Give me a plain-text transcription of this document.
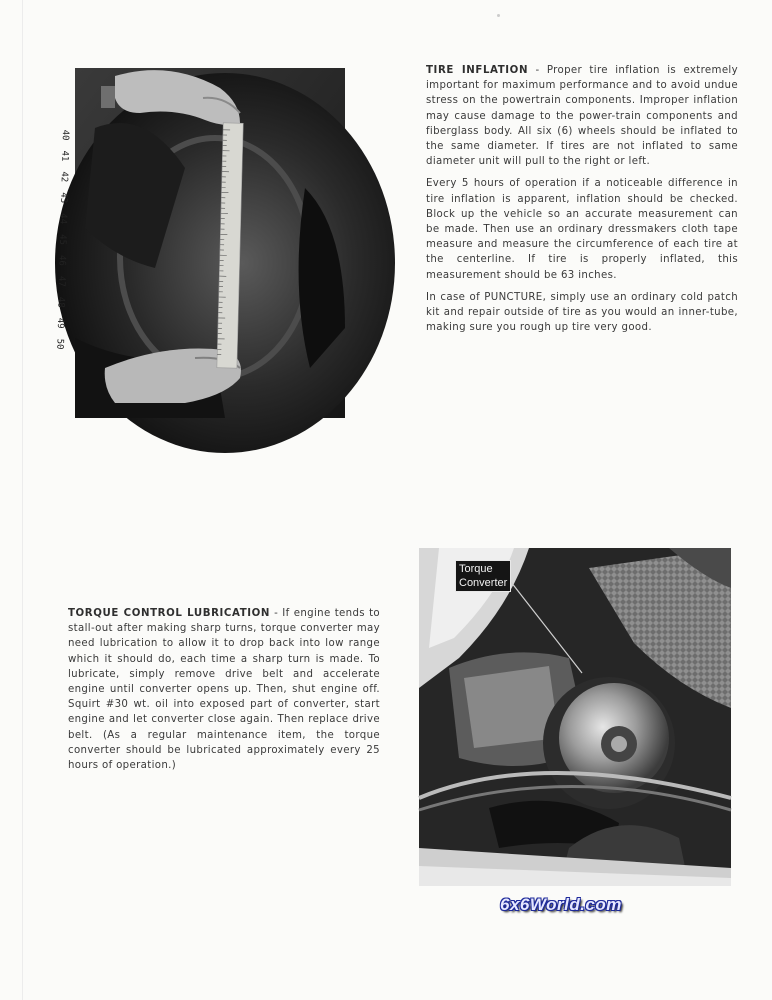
40
41
42
43
44
45
46
47
48
49
50

TIRE INFLATION - Proper tire inflation is extremely important for maximum performance and to avoid undue stress on the powertrain components. Improper inflation may cause damage to the power-train components and fiberglass body. All six (6) wheels should be inflated to the same diameter. If tires are not inflated to same diameter unit will pull to the right or left.

Every 5 hours of operation if a noticeable difference in tire inflation is apparent, inflation should be checked. Block up the vehicle so an accurate measurement can be made. Then use an ordinary dressmakers cloth tape measure and measure the circumference of each tire at the centerline. If tire is properly inflated, this measurement should be 63 inches.

In case of PUNCTURE, simply use an ordinary cold patch kit and repair outside of tire as you would an inner-tube, making sure you rough up tire very good.

TORQUE CONTROL LUBRICATION - If engine tends to stall-out after making sharp turns, torque converter may need lubrication to allow it to drop back into low range which it should do, each time a sharp turn is made. To lubricate, simply remove drive belt and accelerate engine until converter opens up. Then, shut engine off. Squirt #30 wt. oil into exposed part of converter, start engine and let converter close again. Then replace drive belt. (As a regular maintenance item, the torque converter should be lubricated approximately every 25 hours of operation.)

Torque
Converter
6x6World.com
